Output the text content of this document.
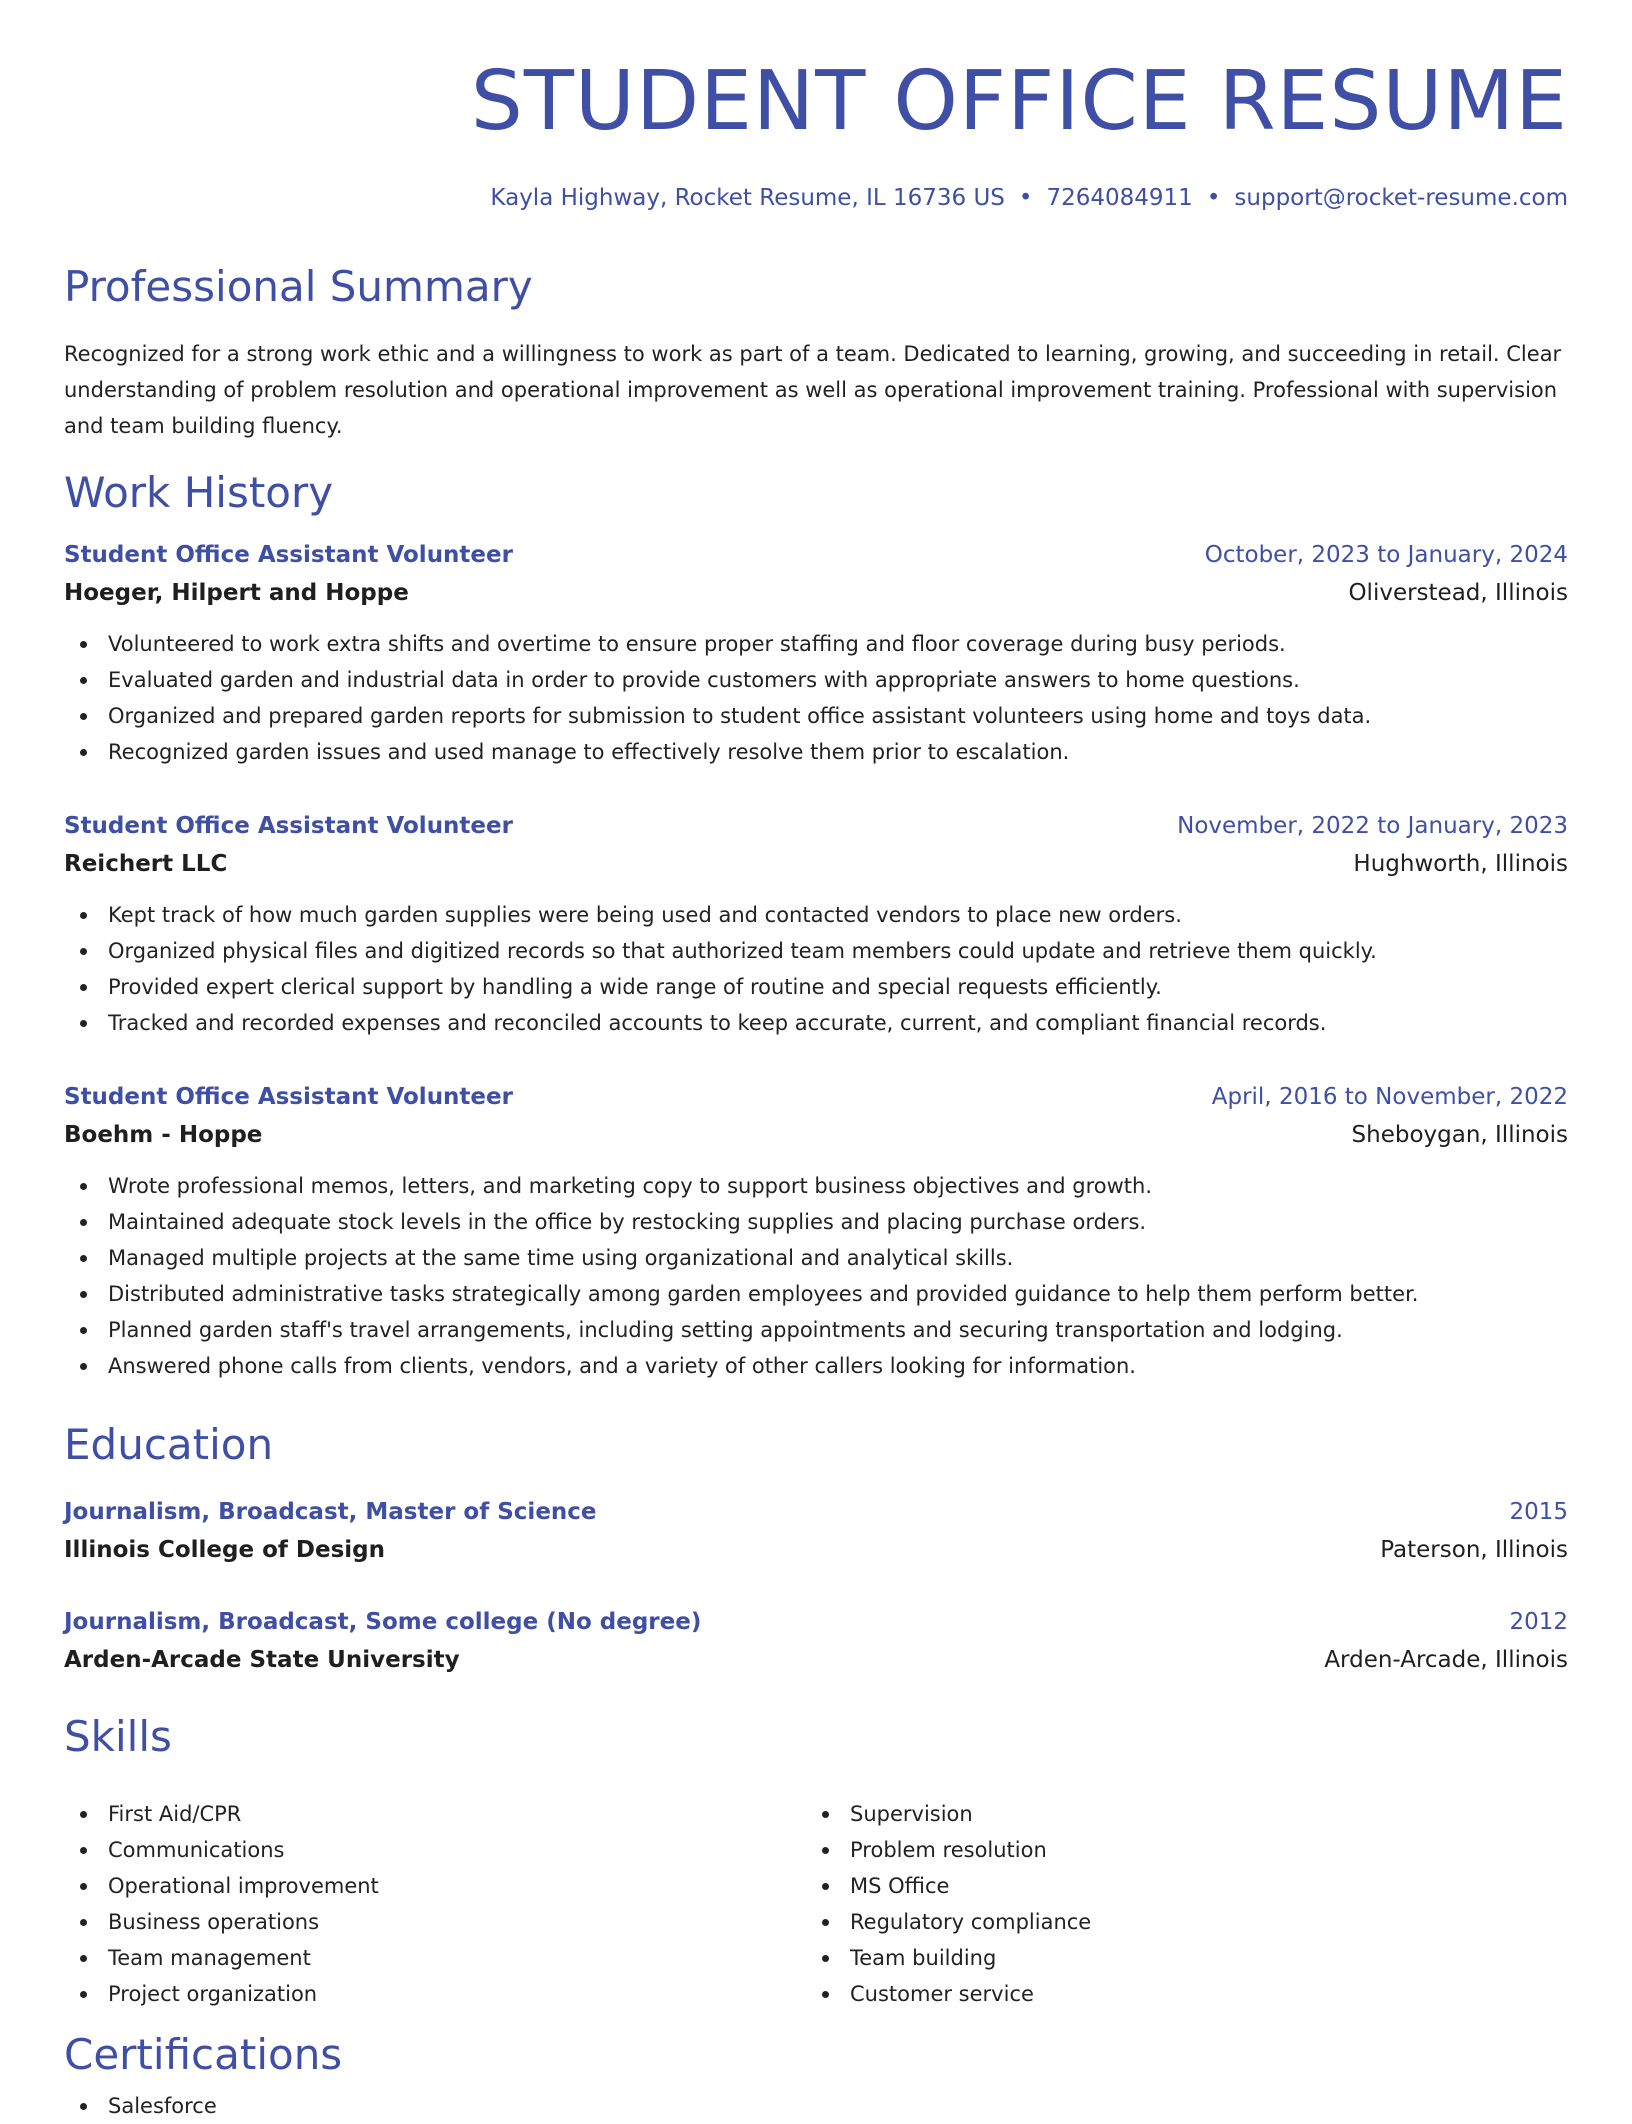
STUDENT OFFICE RESUME
Kayla Highway, Rocket Resume, IL 16736 US • 7264084911 • support@rocket-resume.com
Professional Summary

Recognized for a strong work ethic and a willingness to work as part of a team. Dedicated to learning, growing, and succeeding in retail. Clear understanding of problem resolution and operational improvement as well as operational improvement training. Professional with supervision and team building fluency.

Work History
Student Office Assistant Volunteer	October, 2023 to January, 2024
Hoeger, Hilpert and Hoppe	Oliverstead, Illinois
Volunteered to work extra shifts and overtime to ensure proper staffing and floor coverage during busy periods.
Evaluated garden and industrial data in order to provide customers with appropriate answers to home questions.
Organized and prepared garden reports for submission to student office assistant volunteers using home and toys data.
Recognized garden issues and used manage to effectively resolve them prior to escalation.
Student Office Assistant Volunteer	November, 2022 to January, 2023
Reichert LLC	Hughworth, Illinois
Kept track of how much garden supplies were being used and contacted vendors to place new orders.
Organized physical files and digitized records so that authorized team members could update and retrieve them quickly.
Provided expert clerical support by handling a wide range of routine and special requests efficiently.
Tracked and recorded expenses and reconciled accounts to keep accurate, current, and compliant financial records.
Student Office Assistant Volunteer	April, 2016 to November, 2022
Boehm - Hoppe	Sheboygan, Illinois
Wrote professional memos, letters, and marketing copy to support business objectives and growth.
Maintained adequate stock levels in the office by restocking supplies and placing purchase orders.
Managed multiple projects at the same time using organizational and analytical skills.
Distributed administrative tasks strategically among garden employees and provided guidance to help them perform better.
Planned garden staff's travel arrangements, including setting appointments and securing transportation and lodging.
Answered phone calls from clients, vendors, and a variety of other callers looking for information.
Education
Journalism, Broadcast, Master of Science	2015
Illinois College of Design	Paterson, Illinois
Journalism, Broadcast, Some college (No degree)	2012
Arden-Arcade State University	Arden-Arcade, Illinois
Skills
First Aid/CPR
Communications
Operational improvement
Business operations
Team management
Project organization
Supervision
Problem resolution
MS Office
Regulatory compliance
Team building
Customer service
Certifications
Salesforce
